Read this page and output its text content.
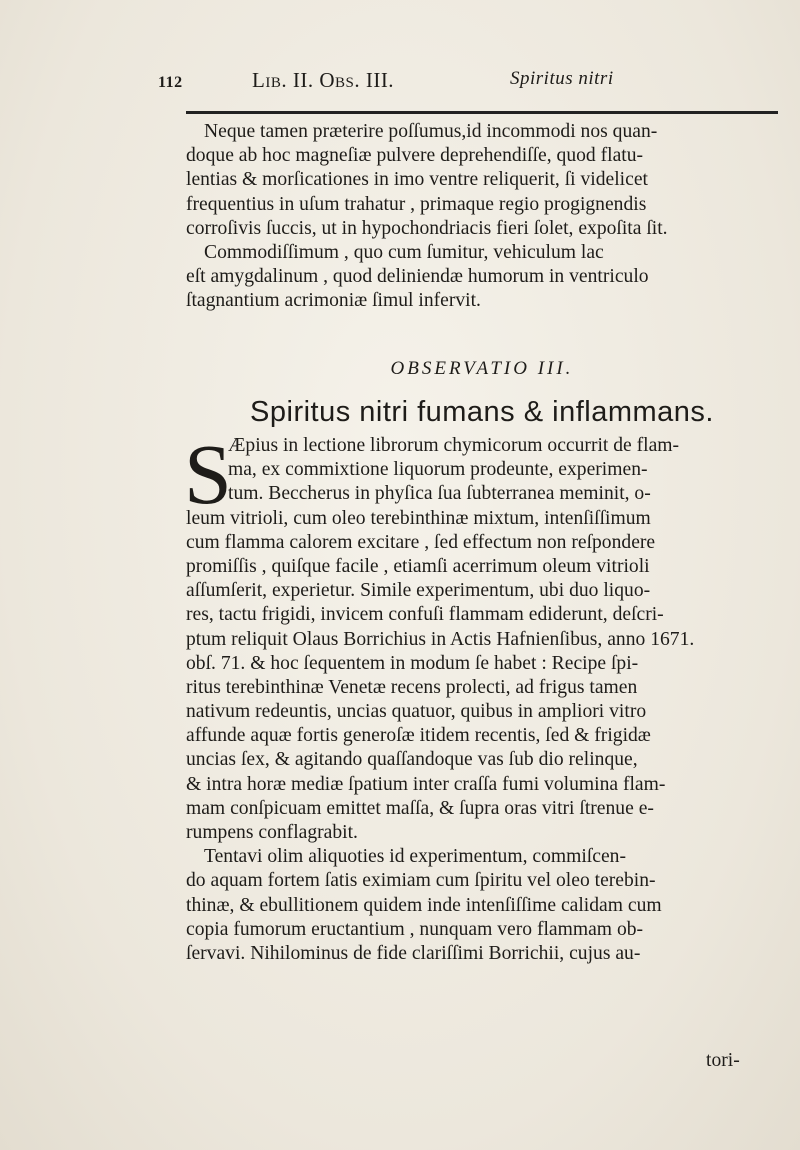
112	Lib. II. Obs. III.	Spiritus nitri
Neque tamen præterire poſſumus,id incommodi nos quan-
doque ab hoc magneſiæ pulvere deprehendiſſe, quod flatu-
lentias & morſicationes in imo ventre reliquerit, ſi videlicet
frequentius in uſum trahatur , primaque regio progignendis
corroſivis ſuccis, ut in hypochondriacis fieri ſolet, expoſita ſit.
Commodiſſimum , quo cum ſumitur, vehiculum lac
eſt amygdalinum , quod deliniendæ humorum in ventriculo
ſtagnantium acrimoniæ ſimul infervit.
OBSERVATIO III.
Spiritus nitri fumans & inflammans.
S
Æpius in lectione librorum chymicorum occurrit de flam-
ma, ex commixtione liquorum prodeunte, experimen-
tum. Beccherus in phyſica ſua ſubterranea meminit, o-
leum vitrioli, cum oleo terebinthinæ mixtum, intenſiſſimum
cum flamma calorem excitare , ſed effectum non reſpondere
promiſſis , quiſque facile , etiamſi acerrimum oleum vitrioli
aſſumſerit, experietur. Simile experimentum, ubi duo liquo-
res, tactu frigidi, invicem confuſi flammam ediderunt, deſcri-
ptum reliquit Olaus Borrichius in Actis Hafnienſibus, anno 1671.
obſ. 71. & hoc ſequentem in modum ſe habet : Recipe ſpi-
ritus terebinthinæ Venetæ recens prolecti, ad frigus tamen
nativum redeuntis, uncias quatuor, quibus in ampliori vitro
affunde aquæ fortis generoſæ itidem recentis, ſed & frigidæ
uncias ſex, & agitando quaſſandoque vas ſub dio relinque,
& intra horæ mediæ ſpatium inter craſſa fumi volumina flam-
mam conſpicuam emittet maſſa, & ſupra oras vitri ſtrenue e-
rumpens conflagrabit.
Tentavi olim aliquoties id experimentum, commiſcen-
do aquam fortem ſatis eximiam cum ſpiritu vel oleo terebin-
thinæ, & ebullitionem quidem inde intenſiſſime calidam cum
copia fumorum eructantium , nunquam vero flammam ob-
ſervavi. Nihilominus de fide clariſſimi Borrichii, cujus au-
tori-
